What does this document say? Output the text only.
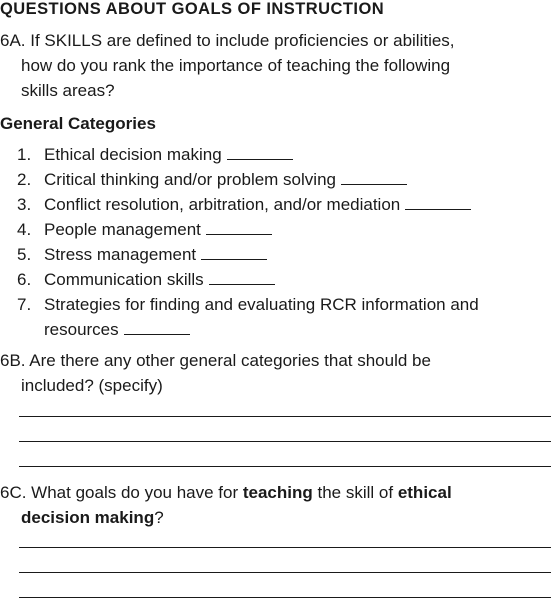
QUESTIONS ABOUT GOALS OF INSTRUCTION
6A. If SKILLS are defined to include proficiencies or abilities,
how do you rank the importance of teaching the following
skills areas?
General Categories
1. Ethical decision making
2. Critical thinking and/or problem solving
3. Conflict resolution, arbitration, and/or mediation
4. People management
5. Stress management
6. Communication skills
7. Strategies for finding and evaluating RCR information and
resources
6B. Are there any other general categories that should be
included? (specify)
6C. What goals do you have for teaching the skill of ethical
decision making?
